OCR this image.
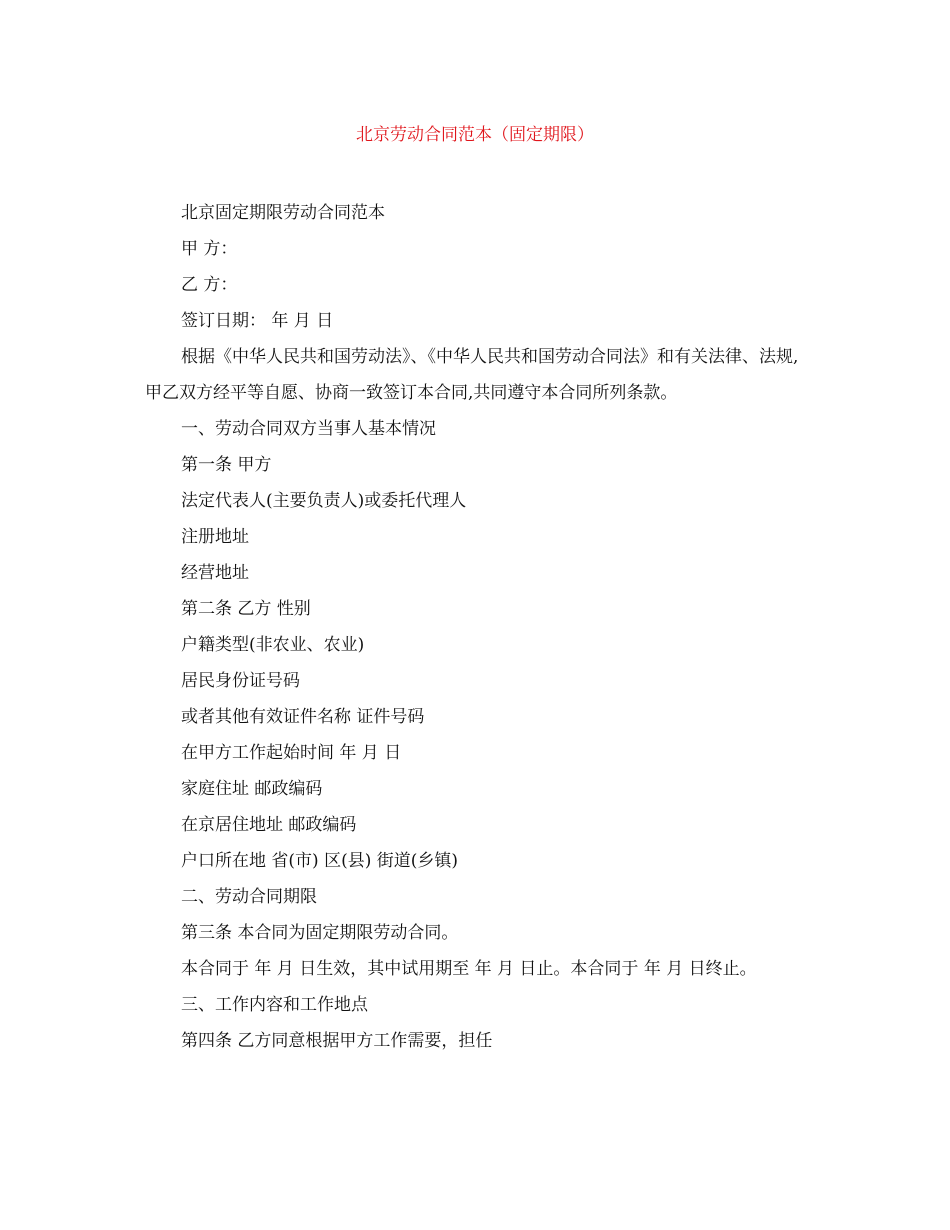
北京劳动合同范本（固定期限）

北京固定期限劳动合同范本

甲 方：

乙 方：

签订日期： 年 月 日

根据《中华人民共和国劳动法》、《中华人民共和国劳动合同法》和有关法律、法规,甲乙双方经平等自愿、协商一致签订本合同,共同遵守本合同所列条款。

一、劳动合同双方当事人基本情况

第一条 甲方

法定代表人(主要负责人)或委托代理人

注册地址

经营地址

第二条 乙方 性别

户籍类型(非农业、农业)

居民身份证号码

或者其他有效证件名称 证件号码

在甲方工作起始时间 年 月 日

家庭住址 邮政编码

在京居住地址 邮政编码

户口所在地 省(市) 区(县) 街道(乡镇)

二、劳动合同期限

第三条 本合同为固定期限劳动合同。

本合同于 年 月 日生效，其中试用期至 年 月 日止。本合同于 年 月 日终止。

三、工作内容和工作地点

第四条 乙方同意根据甲方工作需要，担任
